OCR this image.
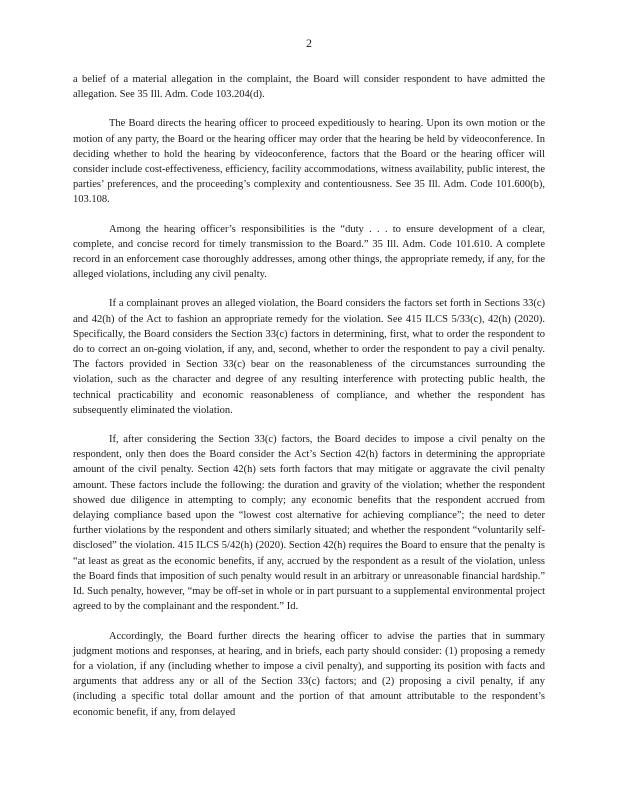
2

a belief of a material allegation in the complaint, the Board will consider respondent to have admitted the allegation. See 35 Ill. Adm. Code 103.204(d).

The Board directs the hearing officer to proceed expeditiously to hearing. Upon its own motion or the motion of any party, the Board or the hearing officer may order that the hearing be held by videoconference. In deciding whether to hold the hearing by videoconference, factors that the Board or the hearing officer will consider include cost-effectiveness, efficiency, facility accommodations, witness availability, public interest, the parties’ preferences, and the proceeding’s complexity and contentiousness. See 35 Ill. Adm. Code 101.600(b), 103.108.

Among the hearing officer’s responsibilities is the “duty . . . to ensure development of a clear, complete, and concise record for timely transmission to the Board.” 35 Ill. Adm. Code 101.610. A complete record in an enforcement case thoroughly addresses, among other things, the appropriate remedy, if any, for the alleged violations, including any civil penalty.

If a complainant proves an alleged violation, the Board considers the factors set forth in Sections 33(c) and 42(h) of the Act to fashion an appropriate remedy for the violation. See 415 ILCS 5/33(c), 42(h) (2020). Specifically, the Board considers the Section 33(c) factors in determining, first, what to order the respondent to do to correct an on-going violation, if any, and, second, whether to order the respondent to pay a civil penalty. The factors provided in Section 33(c) bear on the reasonableness of the circumstances surrounding the violation, such as the character and degree of any resulting interference with protecting public health, the technical practicability and economic reasonableness of compliance, and whether the respondent has subsequently eliminated the violation.

If, after considering the Section 33(c) factors, the Board decides to impose a civil penalty on the respondent, only then does the Board consider the Act’s Section 42(h) factors in determining the appropriate amount of the civil penalty. Section 42(h) sets forth factors that may mitigate or aggravate the civil penalty amount. These factors include the following: the duration and gravity of the violation; whether the respondent showed due diligence in attempting to comply; any economic benefits that the respondent accrued from delaying compliance based upon the “lowest cost alternative for achieving compliance”; the need to deter further violations by the respondent and others similarly situated; and whether the respondent “voluntarily self-disclosed” the violation. 415 ILCS 5/42(h) (2020). Section 42(h) requires the Board to ensure that the penalty is “at least as great as the economic benefits, if any, accrued by the respondent as a result of the violation, unless the Board finds that imposition of such penalty would result in an arbitrary or unreasonable financial hardship.” Id. Such penalty, however, “may be off-set in whole or in part pursuant to a supplemental environmental project agreed to by the complainant and the respondent.” Id.

Accordingly, the Board further directs the hearing officer to advise the parties that in summary judgment motions and responses, at hearing, and in briefs, each party should consider: (1) proposing a remedy for a violation, if any (including whether to impose a civil penalty), and supporting its position with facts and arguments that address any or all of the Section 33(c) factors; and (2) proposing a civil penalty, if any (including a specific total dollar amount and the portion of that amount attributable to the respondent’s economic benefit, if any, from delayed
